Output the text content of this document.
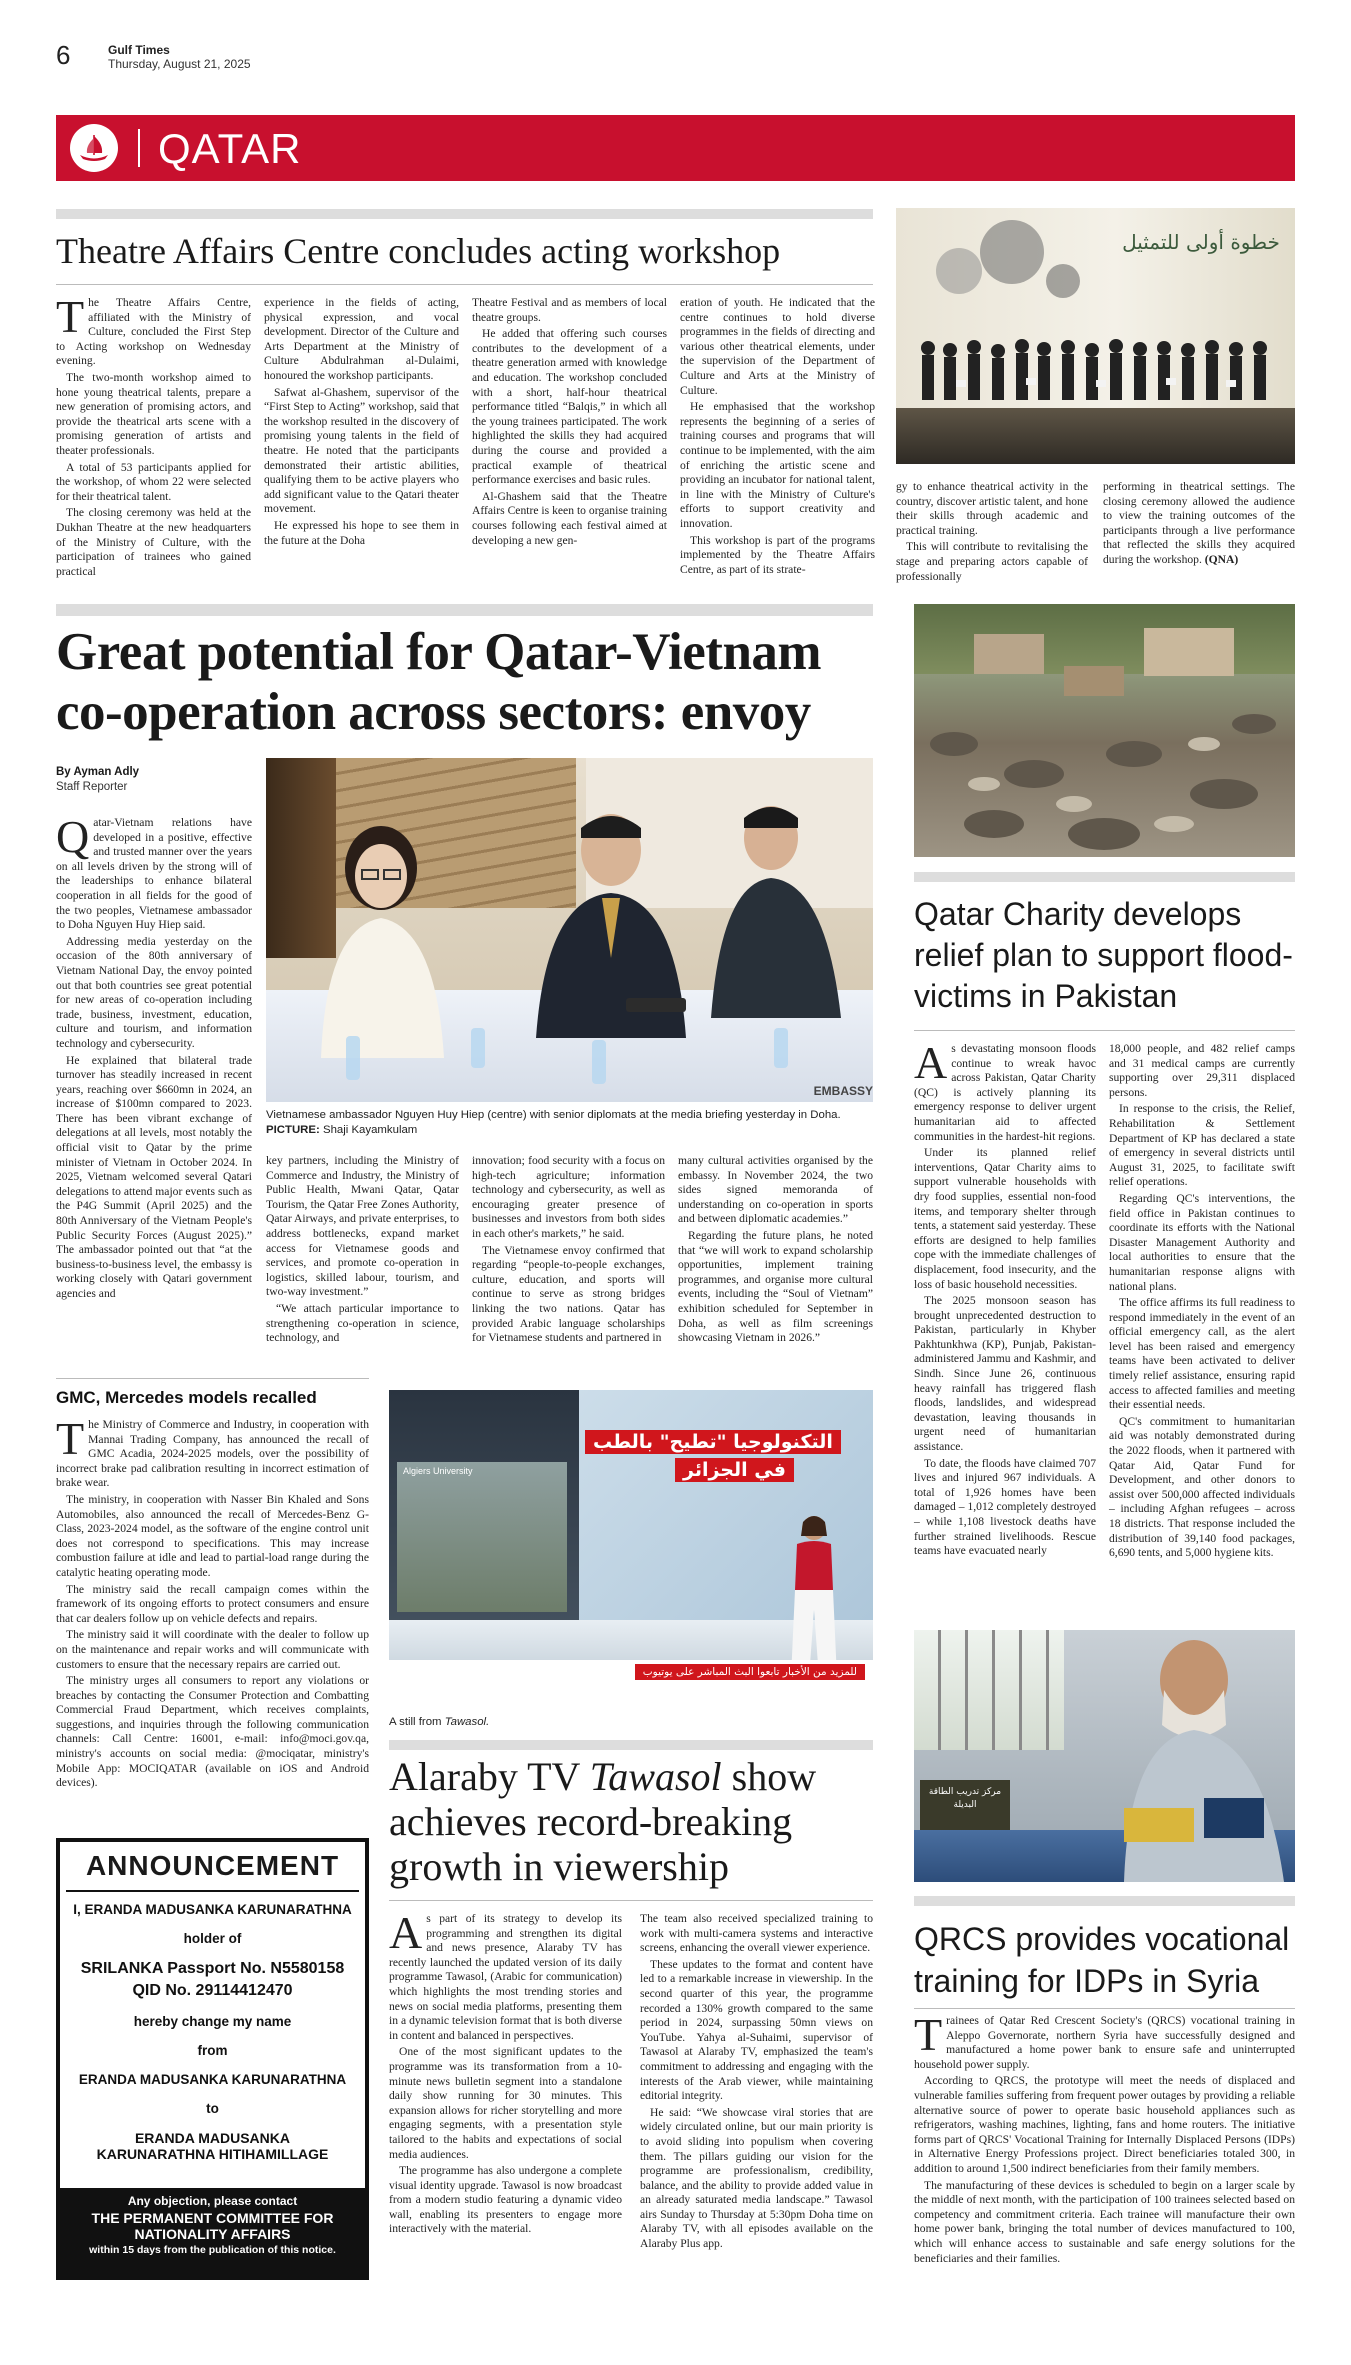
6	Gulf Times
Thursday, August 21, 2025
QATAR
Theatre Affairs Centre concludes acting workshop
T he Theatre Affairs Centre, affiliated with the Ministry of Culture, concluded the First Step to Acting workshop on Wednesday evening.

The two-month workshop aimed to hone young theatrical talents, prepare a new generation of promising actors, and provide the theatrical arts scene with a promising generation of artists and theater professionals.

A total of 53 participants applied for the workshop, of whom 22 were selected for their theatrical talent.

The closing ceremony was held at the Dukhan Theatre at the new headquarters of the Ministry of Culture, with the participation of trainees who gained practical

experience in the fields of acting, physical expression, and vocal development. Director of the Culture and Arts Department at the Ministry of Culture Abdulrahman al-Dulaimi, honoured the workshop participants.

Safwat al-Ghashem, supervisor of the “First Step to Acting” workshop, said that the workshop resulted in the discovery of promising young talents in the field of theatre. He noted that the participants demonstrated their artistic abilities, qualifying them to be active players who add significant value to the Qatari theater movement.

He expressed his hope to see them in the future at the Doha

Theatre Festival and as members of local theatre groups.

He added that offering such courses contributes to the development of a theatre generation armed with knowledge and education. The workshop concluded with a short, half-hour theatrical performance titled “Balqis,” in which all the young trainees participated. The work highlighted the skills they had acquired during the course and provided a practical example of theatrical performance exercises and basic rules.

Al-Ghashem said that the Theatre Affairs Centre is keen to organise training courses following each festival aimed at developing a new gen-

eration of youth. He indicated that the centre continues to hold diverse programmes in the fields of directing and various other theatrical elements, under the supervision of the Department of Culture and Arts at the Ministry of Culture.

He emphasised that the workshop represents the beginning of a series of training courses and programs that will continue to be implemented, with the aim of enriching the artistic scene and providing an incubator for national talent, in line with the Ministry of Culture's efforts to support creativity and innovation.

This workshop is part of the programs implemented by the Theatre Affairs Centre, as part of its strate-

خطوة أولى للتمثيل

gy to enhance theatrical activity in the country, discover artistic talent, and hone their skills through academic and practical training.

This will contribute to revitalising the stage and preparing actors capable of professionally

performing in theatrical settings. The closing ceremony allowed the audience to view the training outcomes of the participants through a live performance that reflected the skills they acquired during the workshop. (QNA)

Great potential for Qatar-Vietnam co-operation across sectors: envoy
By Ayman Adly
Staff Reporter
Q atar-Vietnam relations have developed in a positive, effective and trusted manner over the years on all levels driven by the strong will of the leaderships to enhance bilateral cooperation in all fields for the good of the two peoples, Vietnamese ambassador to Doha Nguyen Huy Hiep said.

Addressing media yesterday on the occasion of the 80th anniversary of Vietnam National Day, the envoy pointed out that both countries see great potential for new areas of co-operation including trade, business, investment, education, culture and tourism, and information technology and cybersecurity.

He explained that bilateral trade turnover has steadily increased in recent years, reaching over $660mn in 2024, an increase of $100mn compared to 2023. There has been vibrant exchange of delegations at all levels, most notably the official visit to Qatar by the prime minister of Vietnam in October 2024. In 2025, Vietnam welcomed several Qatari delegations to attend major events such as the P4G Summit (April 2025) and the 80th Anniversary of the Vietnam People's Public Security Forces (August 2025).” The ambassador pointed out that “at the business-to-business level, the embassy is working closely with Qatari government agencies and

EMBASSY
Vietnamese ambassador Nguyen Huy Hiep (centre) with senior diplomats at the media briefing yesterday in Doha. PICTURE: Shaji Kayamkulam

key partners, including the Ministry of Commerce and Industry, the Ministry of Public Health, Mwani Qatar, Qatar Tourism, the Qatar Free Zones Authority, Qatar Airways, and private enterprises, to address bottlenecks, expand market access for Vietnamese goods and services, and promote co-operation in logistics, skilled labour, tourism, and two-way investment.”

“We attach particular importance to strengthening co-operation in science, technology, and

innovation; food security with a focus on high-tech agriculture; information technology and cybersecurity, as well as encouraging greater presence of businesses and investors from both sides in each other's markets,” he said.

The Vietnamese envoy confirmed that regarding “people-to-people exchanges, culture, education, and sports will continue to serve as strong bridges linking the two nations. Qatar has provided Arabic language scholarships for Vietnamese students and partnered in

many cultural activities organised by the embassy. In November 2024, the two sides signed memoranda of understanding on co-operation in sports and between diplomatic academies.”

Regarding the future plans, he noted that “we will work to expand scholarship opportunities, implement training programmes, and organise more cultural events, including the “Soul of Vietnam” exhibition scheduled for September in Doha, as well as film screenings showcasing Vietnam in 2026.”

Qatar Charity develops relief plan to support flood-victims in Pakistan
A s devastating monsoon floods continue to wreak havoc across Pakistan, Qatar Charity (QC) is actively planning its emergency response to deliver urgent humanitarian aid to affected communities in the hardest-hit regions.

Under its planned relief interventions, Qatar Charity aims to support vulnerable households with dry food supplies, essential non-food items, and temporary shelter through tents, a statement said yesterday. These efforts are designed to help families cope with the immediate challenges of displacement, food insecurity, and the loss of basic household necessities.

The 2025 monsoon season has brought unprecedented destruction to Pakistan, particularly in Khyber Pakhtunkhwa (KP), Punjab, Pakistan-administered Jammu and Kashmir, and Sindh. Since June 26, continuous heavy rainfall has triggered flash floods, landslides, and widespread devastation, leaving thousands in urgent need of humanitarian assistance.

To date, the floods have claimed 707 lives and injured 967 individuals. A total of 1,926 homes have been damaged – 1,012 completely destroyed – while 1,108 livestock deaths have further strained livelihoods. Rescue teams have evacuated nearly

18,000 people, and 482 relief camps and 31 medical camps are currently supporting over 29,311 displaced persons.

In response to the crisis, the Relief, Rehabilitation & Settlement Department of KP has declared a state of emergency in several districts until August 31, 2025, to facilitate swift relief operations.

Regarding QC's interventions, the field office in Pakistan continues to coordinate its efforts with the National Disaster Management Authority and local authorities to ensure that the humanitarian response aligns with national plans.

The office affirms its full readiness to respond immediately in the event of an official emergency call, as the alert level has been raised and emergency teams have been activated to deliver timely relief assistance, ensuring rapid access to affected families and meeting their essential needs.

QC's commitment to humanitarian aid was notably demonstrated during the 2022 floods, when it partnered with Qatar Aid, Qatar Fund for Development, and other donors to assist over 500,000 affected individuals – including Afghan refugees – across 18 districts. That response included the distribution of 39,140 food packages, 6,690 tents, and 5,000 hygiene kits.

GMC, Mercedes models recalled
T he Ministry of Commerce and Industry, in cooperation with Mannai Trading Company, has announced the recall of GMC Acadia, 2024-2025 models, over the possibility of incorrect brake pad calibration resulting in incorrect estimation of brake wear.

The ministry, in cooperation with Nasser Bin Khaled and Sons Automobiles, also announced the recall of Mercedes-Benz G-Class, 2023-2024 model, as the software of the engine control unit does not correspond to specifications. This may increase combustion failure at idle and lead to partial-load range during the catalytic heating operating mode.

The ministry said the recall campaign comes within the framework of its ongoing efforts to protect consumers and ensure that car dealers follow up on vehicle defects and repairs.

The ministry said it will coordinate with the dealer to follow up on the maintenance and repair works and will communicate with customers to ensure that the necessary repairs are carried out.

The ministry urges all consumers to report any violations or breaches by contacting the Consumer Protection and Combatting Commercial Fraud Department, which receives complaints, suggestions, and inquiries through the following communication channels: Call Centre: 16001, e-mail: info@moci.gov.qa, ministry's accounts on social media: @mociqatar, ministry's Mobile App: MOCIQATAR (available on iOS and Android devices).

ANNOUNCEMENT
I, ERANDA MADUSANKA KARUNARATHNA
holder of
SRILANKA Passport No. N5580158
QID No. 29114412470
hereby change my name
from
ERANDA MADUSANKA KARUNARATHNA
to
ERANDA MADUSANKA
KARUNARATHNA HITIHAMILLAGE
Any objection, please contact
THE PERMANENT COMMITTEE FOR
NATIONALITY AFFAIRS
within 15 days from the publication of this notice.
Algiers University
التكنولوجيا "تطيح" بالطب في الجزائر
للمزيد من الأخبار تابعوا البث المباشر على يوتيوب
A still from Tawasol.
Alaraby TV Tawasol show achieves record-breaking growth in viewership
A s part of its strategy to develop its programming and strengthen its digital and news presence, Alaraby TV has recently launched the updated version of its daily programme Tawasol, (Arabic for communication) which highlights the most trending stories and news on social media platforms, presenting them in a dynamic television format that is both diverse in content and balanced in perspectives.

One of the most significant updates to the programme was its transformation from a 10-minute news bulletin segment into a standalone daily show running for 30 minutes. This expansion allows for richer storytelling and more engaging segments, with a presentation style tailored to the habits and expectations of social media audiences.

The programme has also undergone a complete visual identity upgrade. Tawasol is now broadcast from a modern studio featuring a dynamic video wall, enabling its presenters to engage more interactively with the material.

The team also received specialized training to work with multi-camera systems and interactive screens, enhancing the overall viewer experience.

These updates to the format and content have led to a remarkable increase in viewership. In the second quarter of this year, the programme recorded a 130% growth compared to the same period in 2024, surpassing 50mn views on YouTube. Yahya al-Suhaimi, supervisor of Tawasol at Alaraby TV, emphasized the team's commitment to addressing and engaging with the interests of the Arab viewer, while maintaining editorial integrity.

He said: “We showcase viral stories that are widely circulated online, but our main priority is to avoid sliding into populism when covering them. The pillars guiding our vision for the programme are professionalism, credibility, balance, and the ability to provide added value in an already saturated media landscape.” Tawasol airs Sunday to Thursday at 5:30pm Doha time on Alaraby TV, with all episodes available on the Alaraby Plus app.

مركز تدريب الطاقة البديلة
QRCS provides vocational training for IDPs in Syria
T rainees of Qatar Red Crescent Society's (QRCS) vocational training in Aleppo Governorate, northern Syria have successfully designed and manufactured a home power bank to ensure safe and uninterrupted household power supply.

According to QRCS, the prototype will meet the needs of displaced and vulnerable families suffering from frequent power outages by providing a reliable alternative source of power to operate basic household appliances such as refrigerators, washing machines, lighting, fans and home routers. The initiative forms part of QRCS' Vocational Training for Internally Displaced Persons (IDPs) in Alternative Energy Professions project. Direct beneficiaries totaled 300, in addition to around 1,500 indirect beneficiaries from their family members.

The manufacturing of these devices is scheduled to begin on a larger scale by the middle of next month, with the participation of 100 trainees selected based on competency and commitment criteria. Each trainee will manufacture their own home power bank, bringing the total number of devices manufactured to 100, which will enhance access to sustainable and safe energy solutions for the beneficiaries and their families.
